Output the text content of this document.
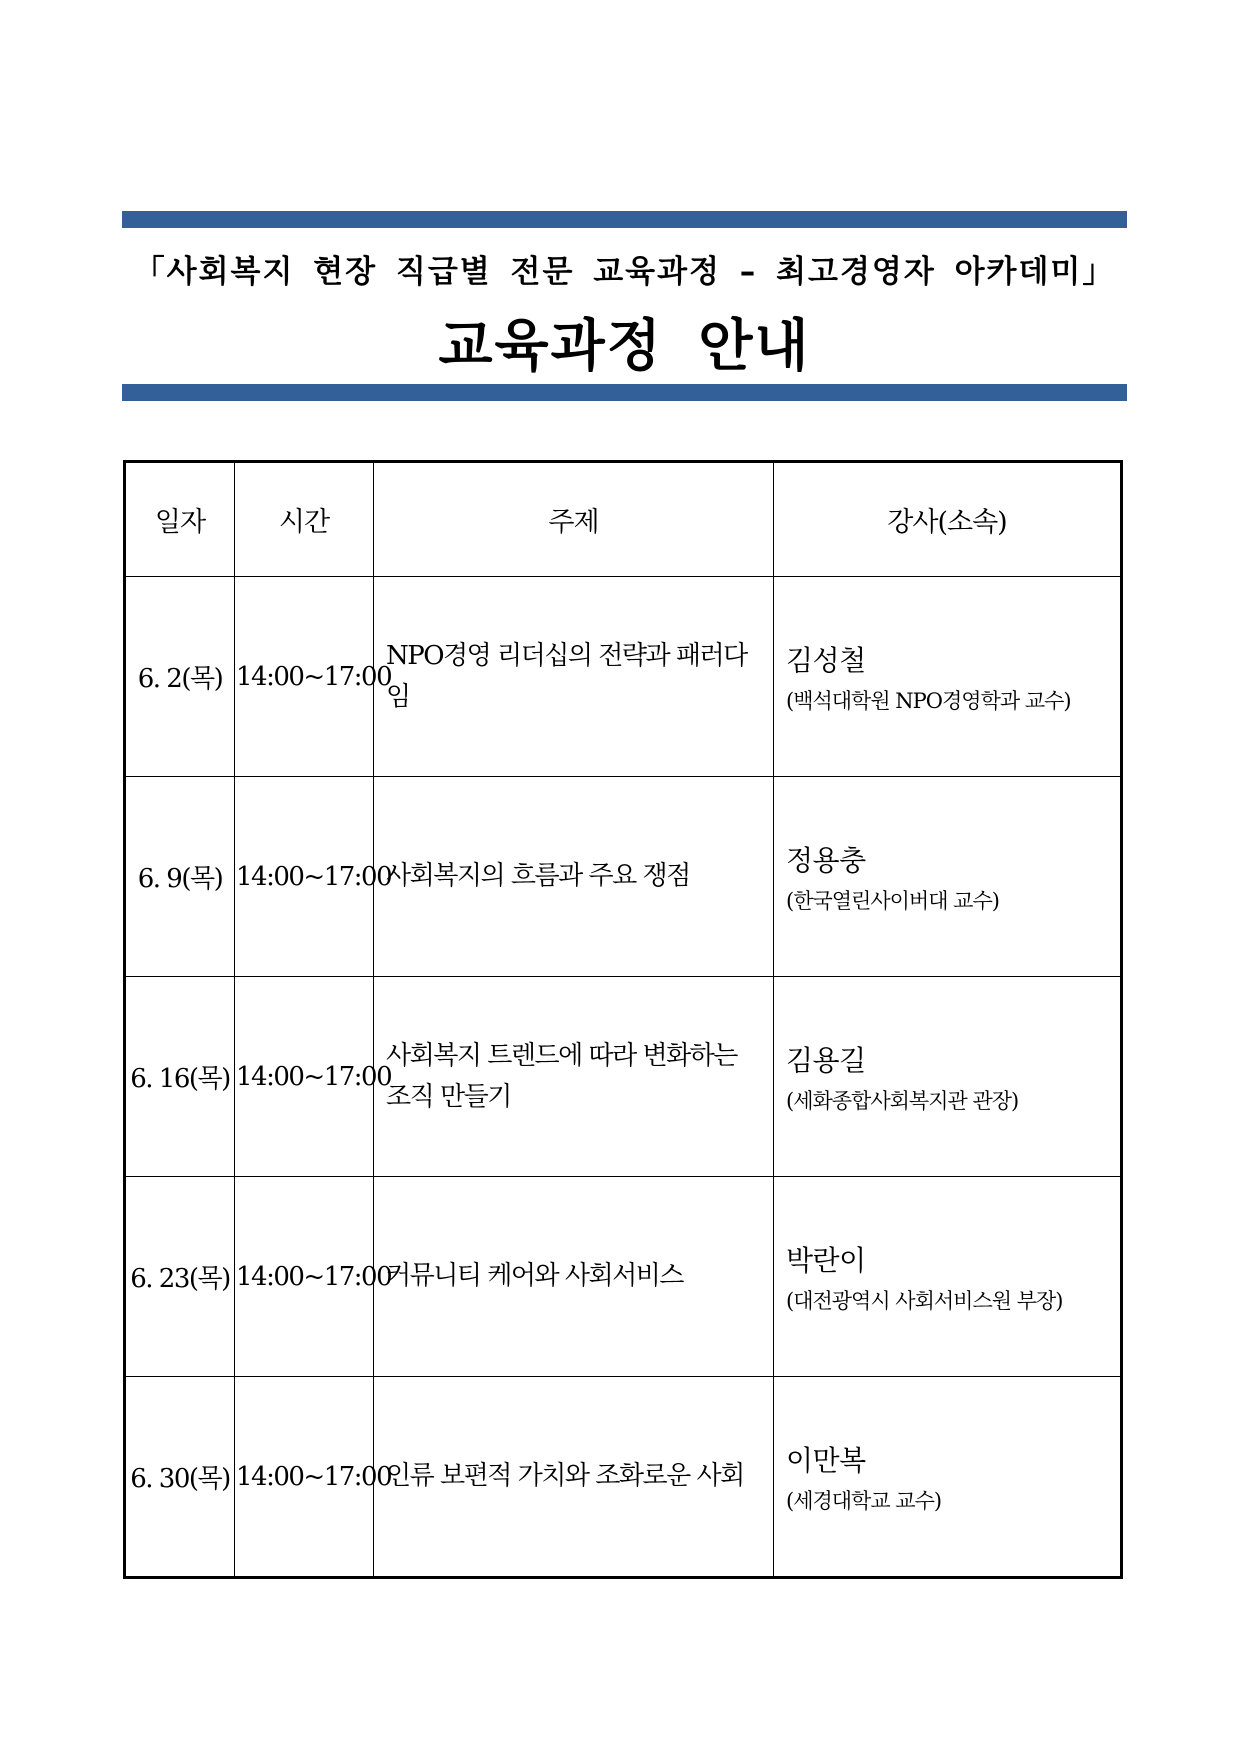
「사회복지 현장 직급별 전문 교육과정 – 최고경영자 아카데미」
교육과정 안내
일자	시간	주제	강사(소속)
6. 2(목)	14:00~17:00	NPO경영 리더십의 전략과 패러다임	김성철
(백석대학원 NPO경영학과 교수)

6. 9(목)	14:00~17:00	사회복지의 흐름과 주요 쟁점	정용충
(한국열린사이버대 교수)

6. 16(목)	14:00~17:00	사회복지 트렌드에 따라 변화하는 조직 만들기	김용길
(세화종합사회복지관 관장)

6. 23(목)	14:00~17:00	커뮤니티 케어와 사회서비스	박란이
(대전광역시 사회서비스원 부장)

6. 30(목)	14:00~17:00	인류 보편적 가치와 조화로운 사회	이만복
(세경대학교 교수)
